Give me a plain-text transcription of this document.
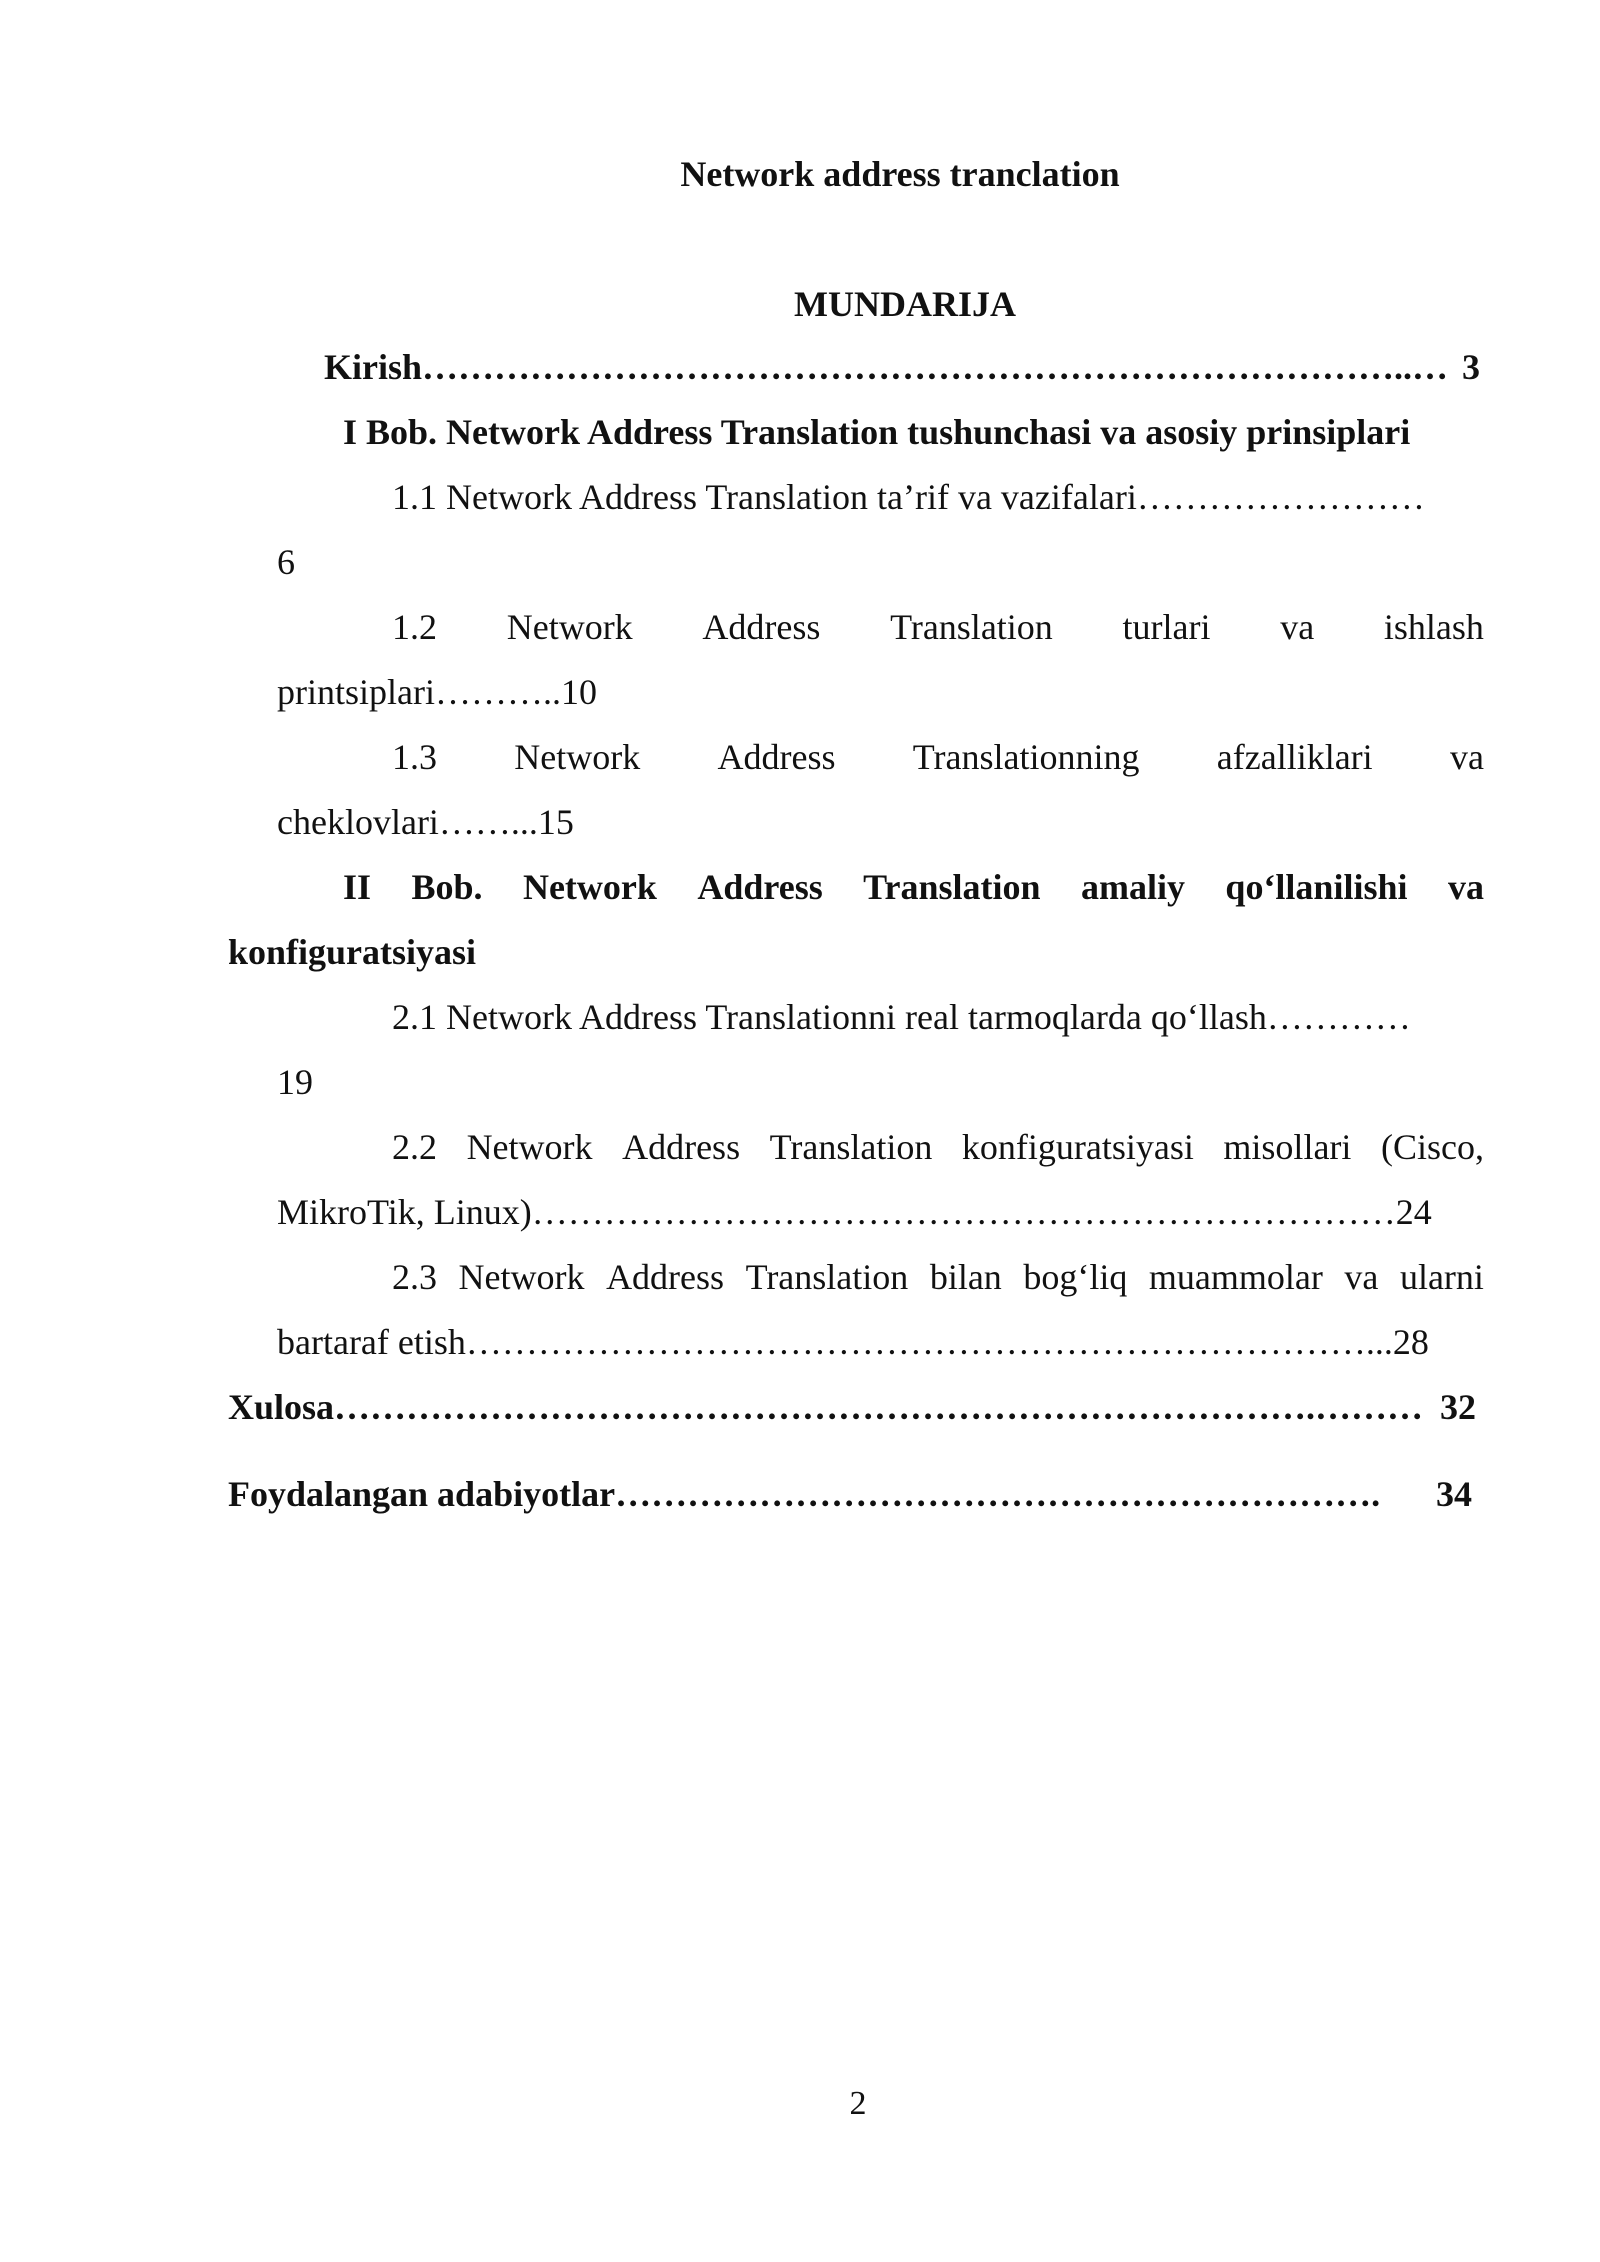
Network address tranclation
MUNDARIJA
Kirish ………………………………………………………………………..… 3
I Bob. Network Address Translation tushunchasi va asosiy prinsiplari
1.1 Network Address Translation ta’rif va vazifalari……………………
6
1.2 Network Address Translation turlari va ishlash
printsiplari………..10
1.3 Network Address Translationning afzalliklari va
cheklovlari……...15
II Bob. Network Address Translation amaliy qo‘llanilishi va
konfiguratsiyasi
2.1 Network Address Translationni real tarmoqlarda qo‘llash…………
19
2.2 Network Address Translation konfiguratsiyasi misollari (Cisco,
MikroTik, Linux)………………………………………………………………24
2.3 Network Address Translation bilan bog‘liq muammolar va ularni
bartaraf etish…………………………………………………………………...28
Xulosa ……………………………………………………………………….……… 32
Foydalangan adabiyotlar ……………………………………………………….	34
2
